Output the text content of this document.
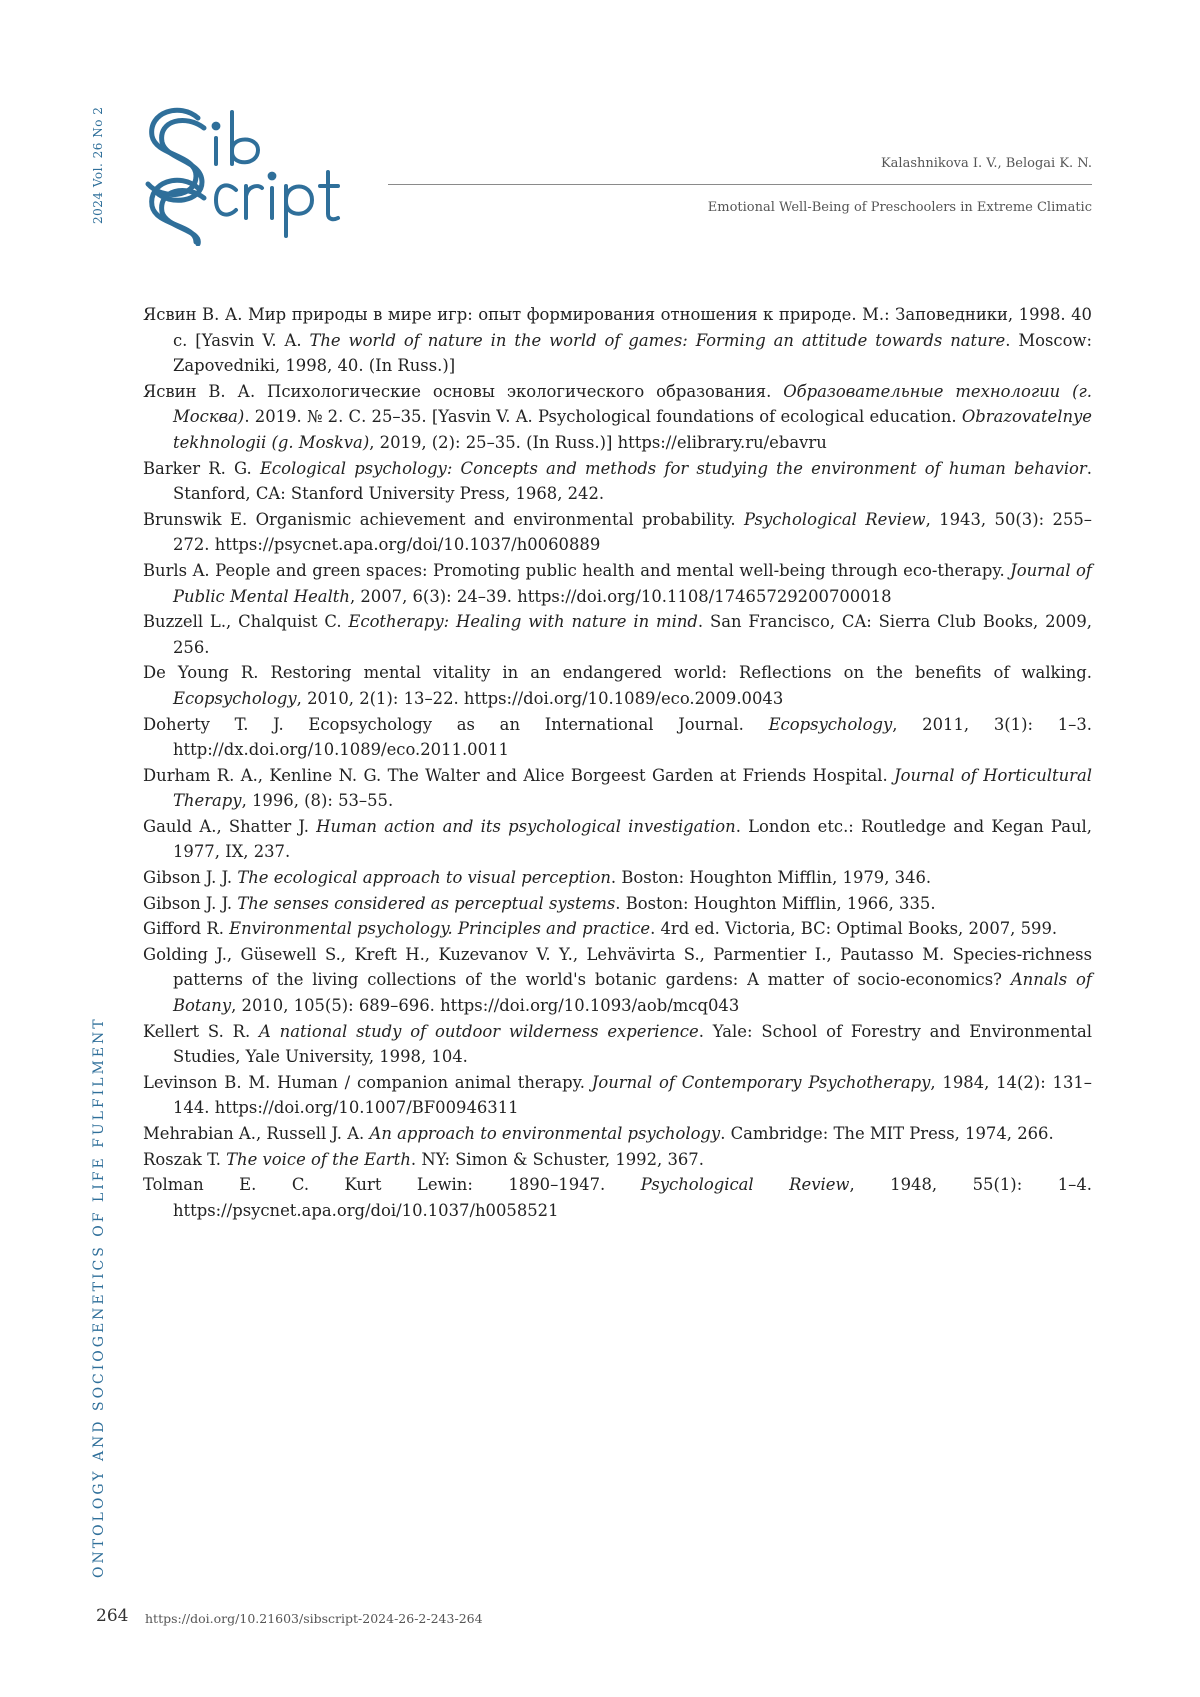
2024 Vol. 26 No 2	Kalashnikova I. V., Belogai K. N.
Emotional Well-Being of Preschoolers in Extreme Climatic
Ясвин В. А. Мир природы в мире игр: опыт формирования отношения к природе. М.: Заповедники, 1998. 40 с. [Yasvin V. A. The world of nature in the world of games: Forming an attitude towards nature. Moscow: Zapovedniki, 1998, 40. (In Russ.)]
Ясвин В. А. Психологические основы экологического образования. Образовательные технологии (г. Москва). 2019. № 2. С. 25–35. [Yasvin V. A. Psychological foundations of ecological education. Obrazovatelnye tekhnologii (g. Moskva), 2019, (2): 25–35. (In Russ.)] https://elibrary.ru/ebavru
Barker R. G. Ecological psychology: Concepts and methods for studying the environment of human behavior. Stanford, CA: Stanford University Press, 1968, 242.
Brunswik E. Organismic achievement and environmental probability. Psychological Review, 1943, 50(3): 255–272. https://psycnet.apa.org/doi/10.1037/h0060889
Burls A. People and green spaces: Promoting public health and mental well-being through eco-therapy. Journal of Public Mental Health, 2007, 6(3): 24–39. https://doi.org/10.1108/17465729200700018
Buzzell L., Chalquist C. Ecotherapy: Healing with nature in mind. San Francisco, CA: Sierra Club Books, 2009, 256.
De Young R. Restoring mental vitality in an endangered world: Reflections on the benefits of walking. Ecopsychology, 2010, 2(1): 13–22. https://doi.org/10.1089/eco.2009.0043
Doherty T. J. Ecopsychology as an International Journal. Ecopsychology, 2011, 3(1): 1–3. http://dx.doi.org/10.1089/eco.2011.0011
Durham R. A., Kenline N. G. The Walter and Alice Borgeest Garden at Friends Hospital. Journal of Horticultural Therapy, 1996, (8): 53–55.
Gauld A., Shatter J. Human action and its psychological investigation. London etc.: Routledge and Kegan Paul, 1977, IX, 237.
Gibson J. J. The ecological approach to visual perception. Boston: Houghton Mifflin, 1979, 346.
Gibson J. J. The senses considered as perceptual systems. Boston: Houghton Mifflin, 1966, 335.
Gifford R. Environmental psychology. Principles and practice. 4rd ed. Victoria, BC: Optimal Books, 2007, 599.
Golding J., Güsewell S., Kreft H., Kuzevanov V. Y., Lehvävirta S., Parmentier I., Pautasso M. Species-richness patterns of the living collections of the world's botanic gardens: A matter of socio-economics? Annals of Botany, 2010, 105(5): 689–696. https://doi.org/10.1093/aob/mcq043
Kellert S. R. A national study of outdoor wilderness experience. Yale: School of Forestry and Environmental Studies, Yale University, 1998, 104.
Levinson B. M. Human / companion animal therapy. Journal of Contemporary Psychotherapy, 1984, 14(2): 131–144. https://doi.org/10.1007/BF00946311
Mehrabian A., Russell J. A. An approach to environmental psychology. Cambridge: The MIT Press, 1974, 266.
Roszak T. The voice of the Earth. NY: Simon & Schuster, 1992, 367.
Tolman E. C. Kurt Lewin: 1890–1947. Psychological Review, 1948, 55(1): 1–4. https://psycnet.apa.org/doi/10.1037/h0058521
ONTOLOGY AND SOCIOGENETICS OF LIFE FULFILMENT
264 https://doi.org/10.21603/sibscript-2024-26-2-243-264
